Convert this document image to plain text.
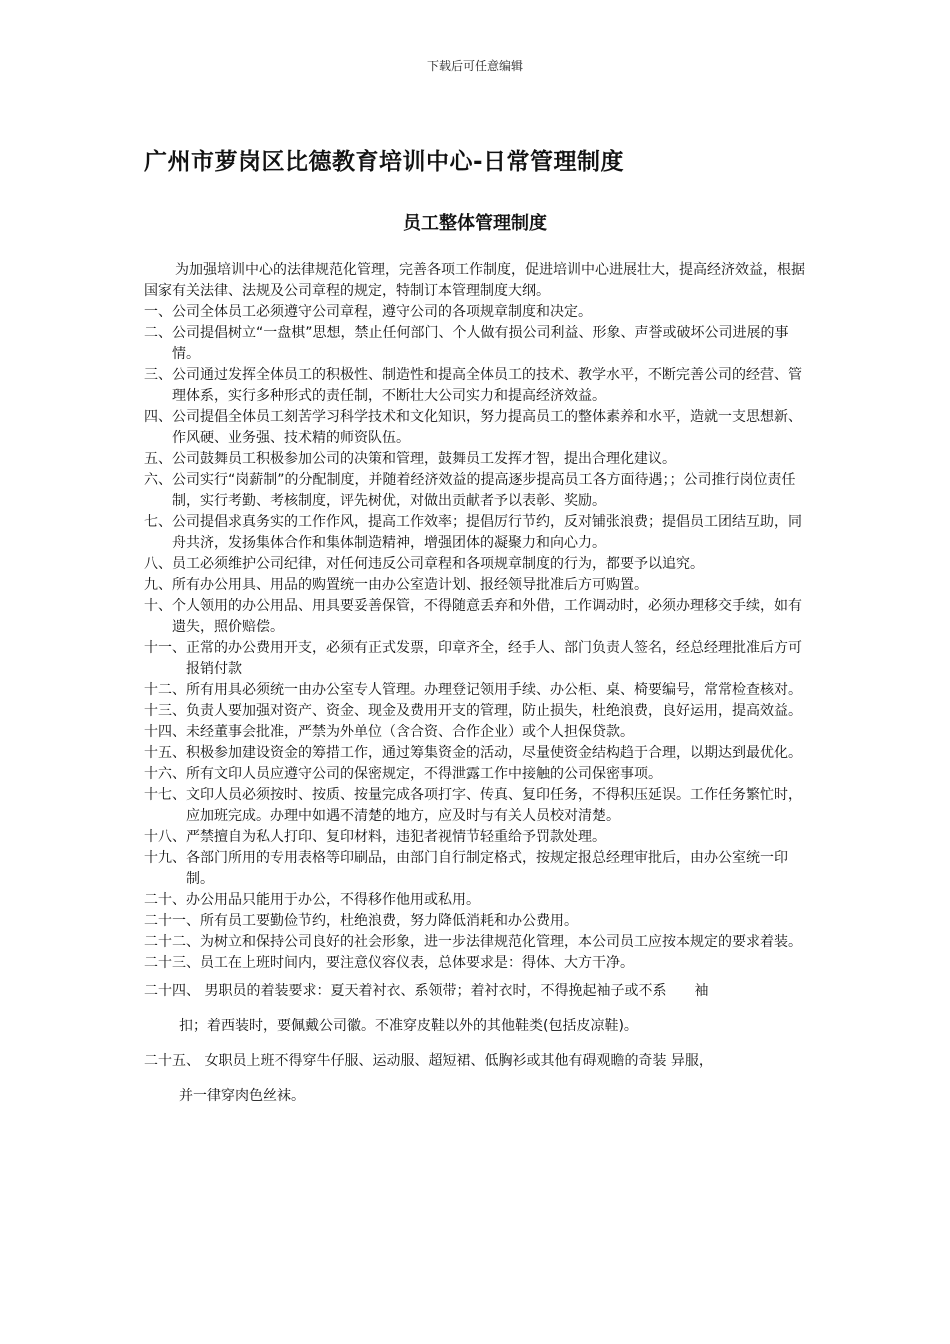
下载后可任意编辑
广州市萝岗区比德教育培训中心-日常管理制度
员工整体管理制度

为加强培训中心的法律规范化管理，完善各项工作制度，促进培训中心进展壮大，提高经济效益，根据国家有关法律、法规及公司章程的规定，特制订本管理制度大纲。

一、 公司全体员工必须遵守公司章程，遵守公司的各项规章制度和决定。
二、 公司提倡树立“一盘棋”思想，禁止任何部门、个人做有损公司利益、形象、声誉或破坏公司进展的事情。
三、 公司通过发挥全体员工的积极性、制造性和提高全体员工的技术、教学水平，不断完善公司的经营、管理体系，实行多种形式的责任制，不断壮大公司实力和提高经济效益。
四、 公司提倡全体员工刻苦学习科学技术和文化知识，努力提高员工的整体素养和水平，造就一支思想新、作风硬、业务强、技术精的师资队伍。
五、 公司鼓舞员工积极参加公司的决策和管理，鼓舞员工发挥才智，提出合理化建议。
六、 公司实行“岗薪制”的分配制度，并随着经济效益的提高逐步提高员工各方面待遇；；公司推行岗位责任制，实行考勤、考核制度，评先树优，对做出贡献者予以表彰、奖励。
七、 公司提倡求真务实的工作作风，提高工作效率；提倡厉行节约，反对铺张浪费；提倡员工团结互助，同舟共济，发扬集体合作和集体制造精神，增强团体的凝聚力和向心力。
八、 员工必须维护公司纪律，对任何违反公司章程和各项规章制度的行为，都要予以追究。
九、 所有办公用具、用品的购置统一由办公室造计划、报经领导批准后方可购置。
十、 个人领用的办公用品、用具要妥善保管，不得随意丢弃和外借，工作调动时，必须办理移交手续，如有遗失，照价赔偿。
十一、 正常的办公费用开支，必须有正式发票，印章齐全，经手人、部门负责人签名，经总经理批准后方可报销付款
十二、 所有用具必须统一由办公室专人管理。办理登记领用手续、办公柜、桌、椅要编号，常常检查核对。
十三、 负责人要加强对资产、资金、现金及费用开支的管理，防止损失，杜绝浪费，良好运用，提高效益。
十四、 未经董事会批准，严禁为外单位（含合资、合作企业）或个人担保贷款。
十五、 积极参加建设资金的筹措工作，通过筹集资金的活动，尽量使资金结构趋于合理，以期达到最优化。
十六、 所有文印人员应遵守公司的保密规定，不得泄露工作中接触的公司保密事项。
十七、 文印人员必须按时、按质、按量完成各项打字、传真、复印任务，不得积压延误。工作任务繁忙时，应加班完成。办理中如遇不清楚的地方，应及时与有关人员校对清楚。
十八、 严禁擅自为私人打印、复印材料，违犯者视情节轻重给予罚款处理。
十九、 各部门所用的专用表格等印刷品，由部门自行制定格式，按规定报总经理审批后，由办公室统一印制。
二十、 办公用品只能用于办公，不得移作他用或私用。
二十一、 所有员工要勤俭节约，杜绝浪费，努力降低消耗和办公费用。
二十二、 为树立和保持公司良好的社会形象，进一步法律规范化管理，本公司员工应按本规定的要求着装。
二十三、 员工在上班时间内，要注意仪容仪表，总体要求是：得体、大方干净。
二十四、 男职员的着装要求：夏天着衬衣、系领带；着衬衣时，不得挽起袖子或不系　　袖
扣；着西装时，要佩戴公司徽。不准穿皮鞋以外的其他鞋类(包括皮凉鞋)。
二十五、 女职员上班不得穿牛仔服、运动服、超短裙、低胸衫或其他有碍观瞻的奇装 异服，
并一律穿肉色丝袜。
